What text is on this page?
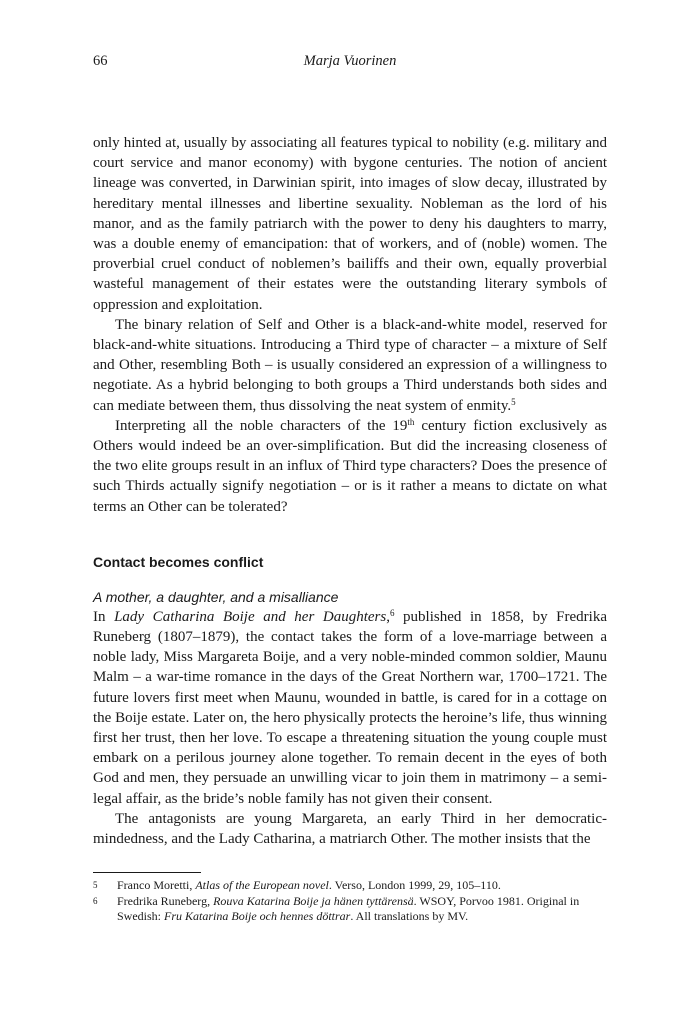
66	Marja Vuorinen

only hinted at, usually by associating all features typical to nobility (e.g. military and court service and manor economy) with bygone centuries. The notion of ancient lineage was converted, in Darwinian spirit, into images of slow decay, illustrated by hereditary mental illnesses and libertine sexuality. Nobleman as the lord of his manor, and as the family patriarch with the power to deny his daughters to marry, was a double enemy of emancipation: that of workers, and of (noble) women. The proverbial cruel conduct of noblemen’s bailiffs and their own, equally proverbial wasteful management of their estates were the outstanding literary symbols of oppression and exploitation.

The binary relation of Self and Other is a black-and-white model, reserved for black-and-white situations. Introducing a Third type of character – a mixture of Self and Other, resembling Both – is usually considered an expression of a willingness to negotiate. As a hybrid belonging to both groups a Third understands both sides and can mediate between them, thus dissolving the neat system of enmity.$^5$

Interpreting all the noble characters of the 19th century fiction exclusively as Others would indeed be an over-simplification. But did the increasing closeness of the two elite groups result in an influx of Third type characters? Does the presence of such Thirds actually signify negotiation – or is it rather a means to dictate on what terms an Other can be tolerated?

Contact becomes conflict
A mother, a daughter, and a misalliance

In Lady Catharina Boije and her Daughters,$^6$ published in 1858, by Fredrika Runeberg (1807–1879), the contact takes the form of a love-marriage between a noble lady, Miss Margareta Boije, and a very noble-minded common soldier, Maunu Malm – a war-time romance in the days of the Great Northern war, 1700–1721. The future lovers first meet when Maunu, wounded in battle, is cared for in a cottage on the Boije estate. Later on, the hero physically protects the heroine’s life, thus winning first her trust, then her love. To escape a threatening situation the young couple must embark on a perilous journey alone together. To remain decent in the eyes of both God and men, they persuade an unwilling vicar to join them in matrimony – a semi-legal affair, as the bride’s noble family has not given their consent.

The antagonists are young Margareta, an early Third in her democratic-mindedness, and the Lady Catharina, a matriarch Other. The mother insists that the

5 Franco Moretti, Atlas of the European novel. Verso, London 1999, 29, 105–110.
6 Fredrika Runeberg, Rouva Katarina Boije ja hänen tyttärensä. WSOY, Porvoo 1981. Original in Swedish: Fru Katarina Boije och hennes döttrar. All translations by MV.
